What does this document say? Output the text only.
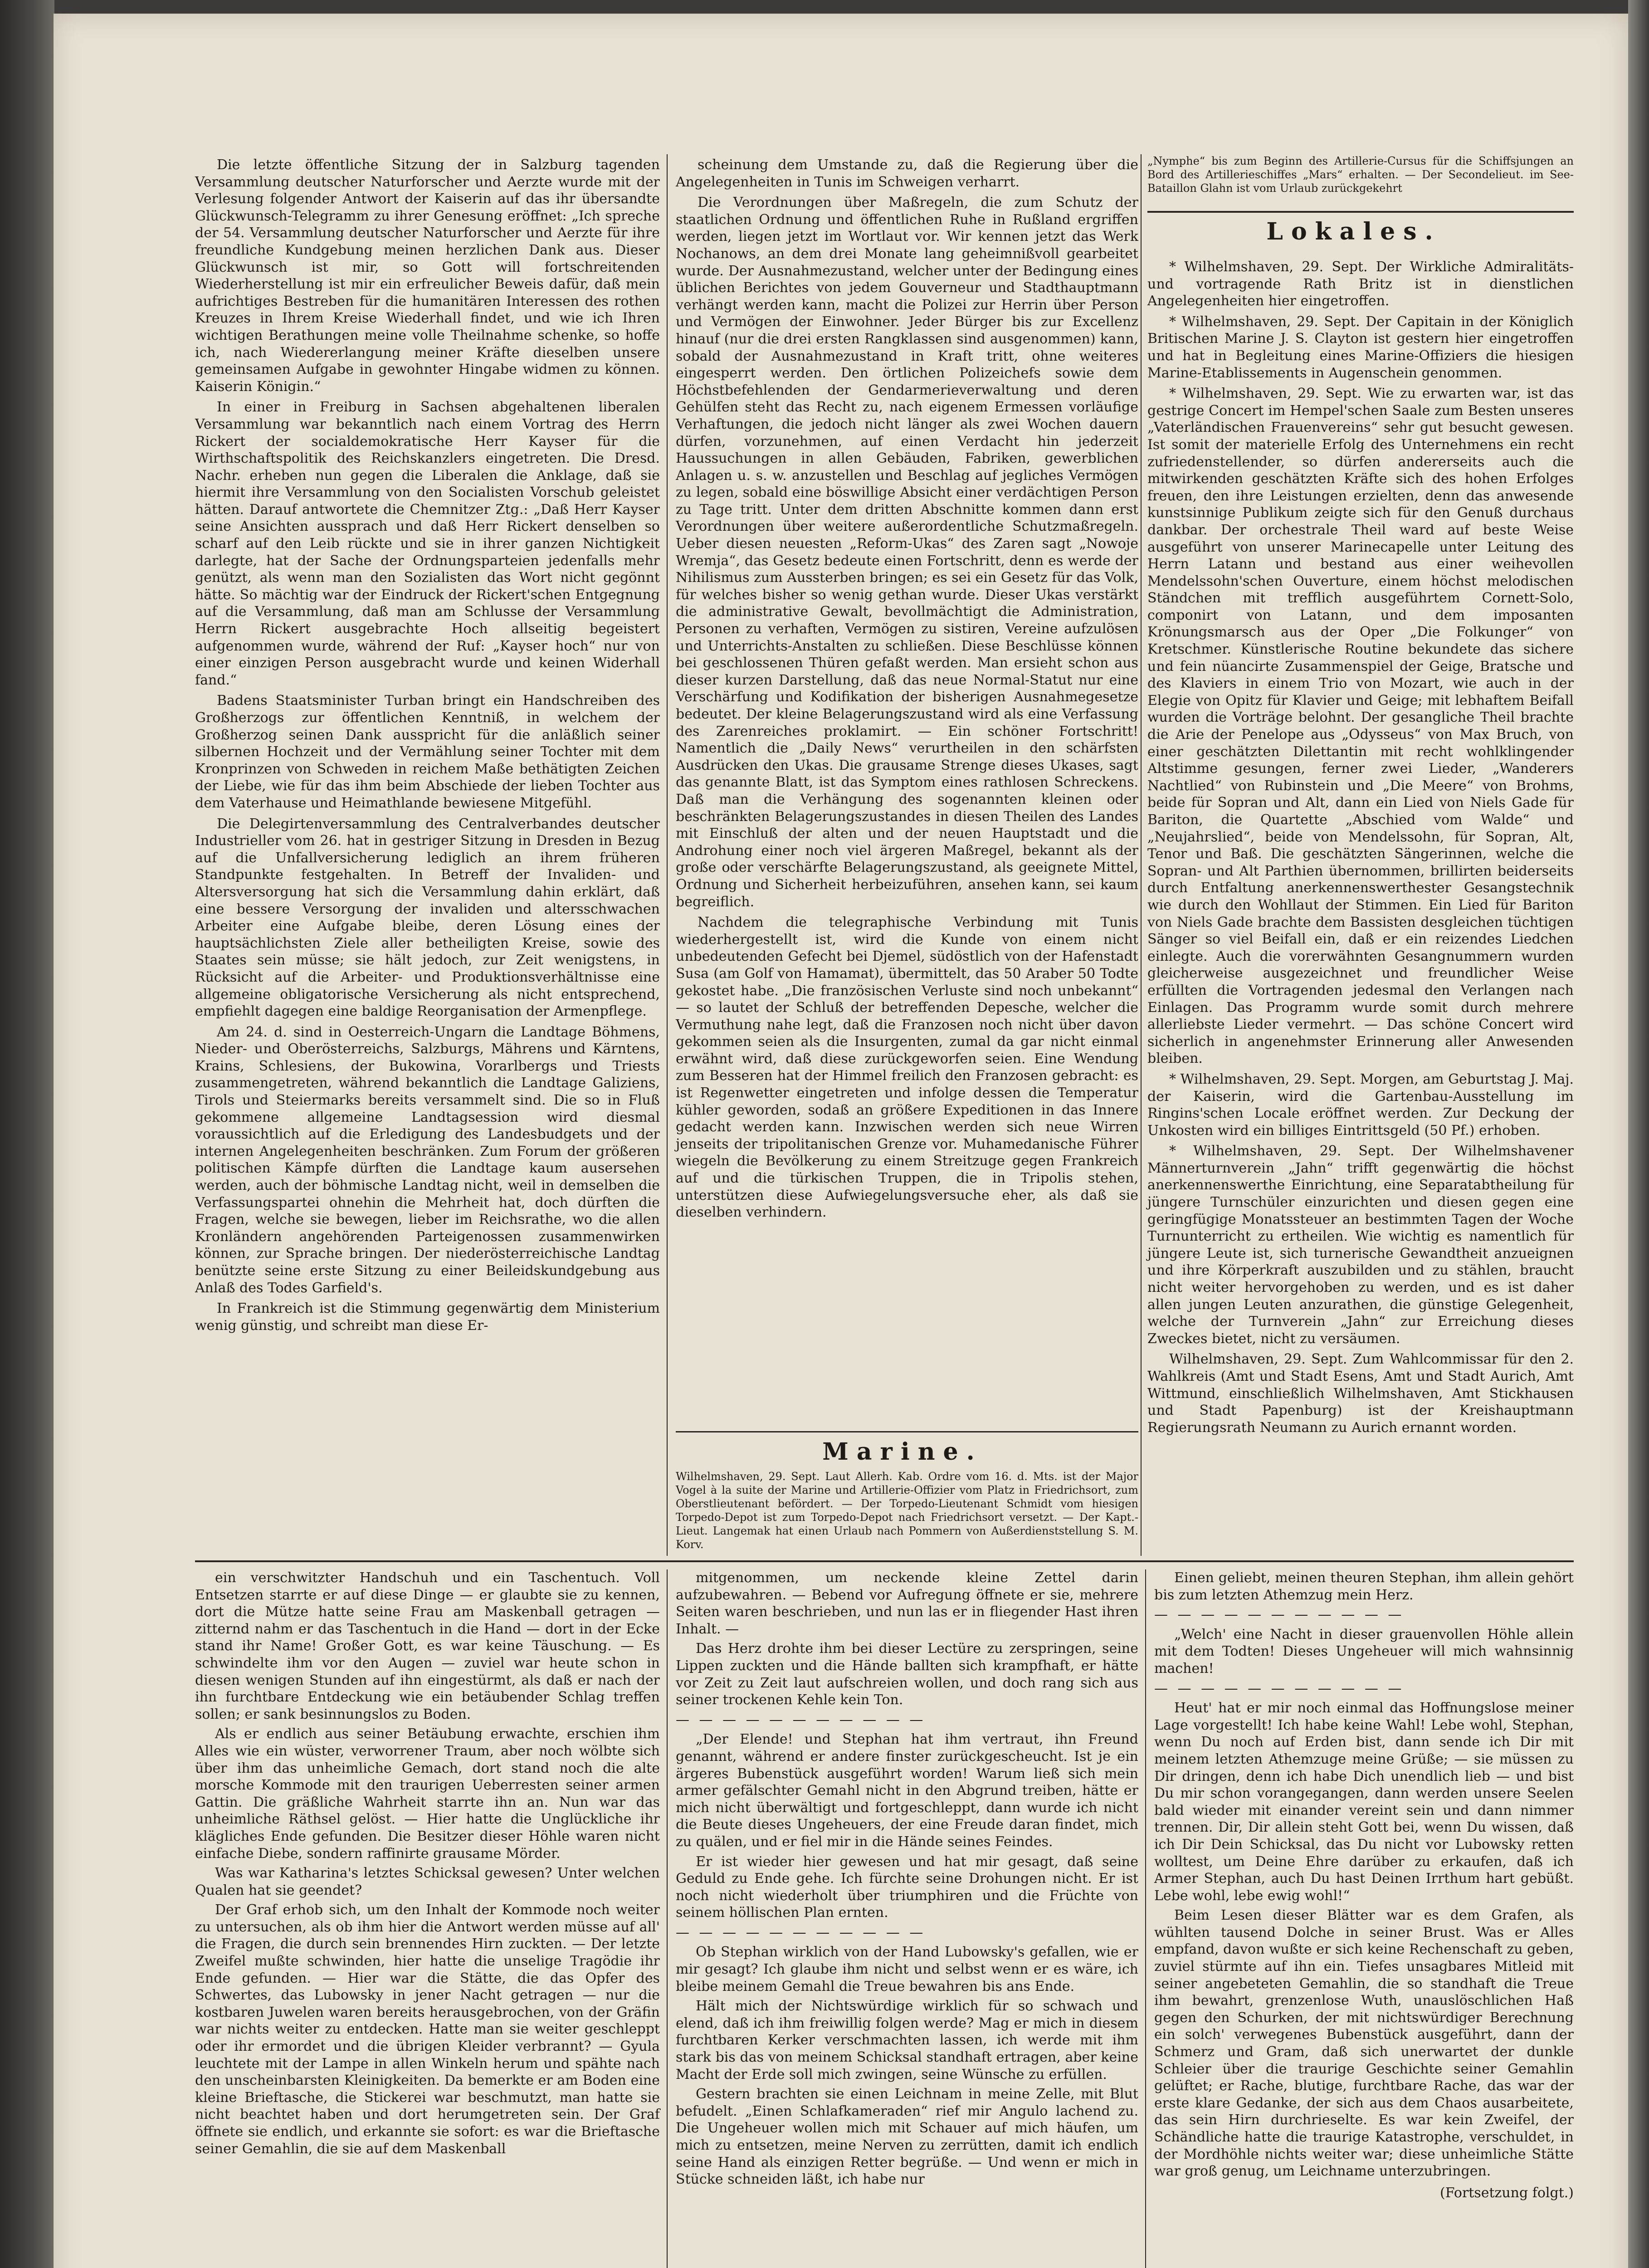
Die letzte öffentliche Sitzung der in Salzburg tagenden Versammlung deutscher Naturforscher und Aerzte wurde mit der Verlesung folgender Antwort der Kaiserin auf das ihr übersandte Glückwunsch-Telegramm zu ihrer Genesung eröffnet: „Ich spreche der 54. Versammlung deutscher Naturforscher und Aerzte für ihre freundliche Kundgebung meinen herzlichen Dank aus. Dieser Glückwunsch ist mir, so Gott will fortschreitenden Wiederherstellung ist mir ein erfreulicher Beweis dafür, daß mein aufrichtiges Bestreben für die humanitären Interessen des rothen Kreuzes in Ihrem Kreise Wiederhall findet, und wie ich Ihren wichtigen Berathungen meine volle Theilnahme schenke, so hoffe ich, nach Wiedererlangung meiner Kräfte dieselben unsere gemeinsamen Aufgabe in gewohnter Hingabe widmen zu können. Kaiserin Königin.“

In einer in Freiburg in Sachsen abgehaltenen liberalen Versammlung war bekanntlich nach einem Vortrag des Herrn Rickert der socialdemokratische Herr Kayser für die Wirthschaftspolitik des Reichskanzlers eingetreten. Die Dresd. Nachr. erheben nun gegen die Liberalen die Anklage, daß sie hiermit ihre Versammlung von den Socialisten Vorschub geleistet hätten. Darauf antwortete die Chemnitzer Ztg.: „Daß Herr Kayser seine Ansichten aussprach und daß Herr Rickert denselben so scharf auf den Leib rückte und sie in ihrer ganzen Nichtigkeit darlegte, hat der Sache der Ordnungsparteien jedenfalls mehr genützt, als wenn man den Sozialisten das Wort nicht gegönnt hätte. So mächtig war der Eindruck der Rickert'schen Entgegnung auf die Versammlung, daß man am Schlusse der Versammlung Herrn Rickert ausgebrachte Hoch allseitig begeistert aufgenommen wurde, während der Ruf: „Kayser hoch“ nur von einer einzigen Person ausgebracht wurde und keinen Widerhall fand.“

Badens Staatsminister Turban bringt ein Handschreiben des Großherzogs zur öffentlichen Kenntniß, in welchem der Großherzog seinen Dank ausspricht für die anläßlich seiner silbernen Hochzeit und der Vermählung seiner Tochter mit dem Kronprinzen von Schweden in reichem Maße bethätigten Zeichen der Liebe, wie für das ihm beim Abschiede der lieben Tochter aus dem Vaterhause und Heimathlande bewiesene Mitgefühl.

Die Delegirtenversammlung des Centralverbandes deutscher Industrieller vom 26. hat in gestriger Sitzung in Dresden in Bezug auf die Unfallversicherung lediglich an ihrem früheren Standpunkte festgehalten. In Betreff der Invaliden- und Altersversorgung hat sich die Versammlung dahin erklärt, daß eine bessere Versorgung der invaliden und altersschwachen Arbeiter eine Aufgabe bleibe, deren Lösung eines der hauptsächlichsten Ziele aller betheiligten Kreise, sowie des Staates sein müsse; sie hält jedoch, zur Zeit wenigstens, in Rücksicht auf die Arbeiter- und Produktionsverhältnisse eine allgemeine obligatorische Versicherung als nicht entsprechend, empfiehlt dagegen eine baldige Reorganisation der Armenpflege.

Am 24. d. sind in Oesterreich-Ungarn die Landtage Böhmens, Nieder- und Oberösterreichs, Salzburgs, Mährens und Kärntens, Krains, Schlesiens, der Bukowina, Vorarlbergs und Triests zusammengetreten, während bekanntlich die Landtage Galiziens, Tirols und Steiermarks bereits versammelt sind. Die so in Fluß gekommene allgemeine Landtagsession wird diesmal voraussichtlich auf die Erledigung des Landesbudgets und der internen Angelegenheiten beschränken. Zum Forum der größeren politischen Kämpfe dürften die Landtage kaum ausersehen werden, auch der böhmische Landtag nicht, weil in demselben die Verfassungspartei ohnehin die Mehrheit hat, doch dürften die Fragen, welche sie bewegen, lieber im Reichsrathe, wo die allen Kronländern angehörenden Parteigenossen zusammenwirken können, zur Sprache bringen. Der niederösterreichische Landtag benützte seine erste Sitzung zu einer Beileidskundgebung aus Anlaß des Todes Garfield's.

In Frankreich ist die Stimmung gegenwärtig dem Ministerium wenig günstig, und schreibt man diese Er-

scheinung dem Umstande zu, daß die Regierung über die Angelegenheiten in Tunis im Schweigen verharrt.

Die Verordnungen über Maßregeln, die zum Schutz der staatlichen Ordnung und öffentlichen Ruhe in Rußland ergriffen werden, liegen jetzt im Wortlaut vor. Wir kennen jetzt das Werk Nochanows, an dem drei Monate lang geheimnißvoll gearbeitet wurde. Der Ausnahmezustand, welcher unter der Bedingung eines üblichen Berichtes von jedem Gouverneur und Stadthauptmann verhängt werden kann, macht die Polizei zur Herrin über Person und Vermögen der Einwohner. Jeder Bürger bis zur Excellenz hinauf (nur die drei ersten Rangklassen sind ausgenommen) kann, sobald der Ausnahmezustand in Kraft tritt, ohne weiteres eingesperrt werden. Den örtlichen Polizeichefs sowie dem Höchstbefehlenden der Gendarmerieverwaltung und deren Gehülfen steht das Recht zu, nach eigenem Ermessen vorläufige Verhaftungen, die jedoch nicht länger als zwei Wochen dauern dürfen, vorzunehmen, auf einen Verdacht hin jederzeit Haussuchungen in allen Gebäuden, Fabriken, gewerblichen Anlagen u. s. w. anzustellen und Beschlag auf jegliches Vermögen zu legen, sobald eine böswillige Absicht einer verdächtigen Person zu Tage tritt. Unter dem dritten Abschnitte kommen dann erst Verordnungen über weitere außerordentliche Schutzmaßregeln. Ueber diesen neuesten „Reform-Ukas“ des Zaren sagt „Nowoje Wremja“, das Gesetz bedeute einen Fortschritt, denn es werde der Nihilismus zum Aussterben bringen; es sei ein Gesetz für das Volk, für welches bisher so wenig gethan wurde. Dieser Ukas verstärkt die administrative Gewalt, bevollmächtigt die Administration, Personen zu verhaften, Vermögen zu sistiren, Vereine aufzulösen und Unterrichts-Anstalten zu schließen. Diese Beschlüsse können bei geschlossenen Thüren gefaßt werden. Man ersieht schon aus dieser kurzen Darstellung, daß das neue Normal-Statut nur eine Verschärfung und Kodifikation der bisherigen Ausnahmegesetze bedeutet. Der kleine Belagerungszustand wird als eine Verfassung des Zarenreiches proklamirt. — Ein schöner Fortschritt! Namentlich die „Daily News“ verurtheilen in den schärfsten Ausdrücken den Ukas. Die grausame Strenge dieses Ukases, sagt das genannte Blatt, ist das Symptom eines rathlosen Schreckens. Daß man die Verhängung des sogenannten kleinen oder beschränkten Belagerungszustandes in diesen Theilen des Landes mit Einschluß der alten und der neuen Hauptstadt und die Androhung einer noch viel ärgeren Maßregel, bekannt als der große oder verschärfte Belagerungszustand, als geeignete Mittel, Ordnung und Sicherheit herbeizuführen, ansehen kann, sei kaum begreiflich.

Nachdem die telegraphische Verbindung mit Tunis wiederhergestellt ist, wird die Kunde von einem nicht unbedeutenden Gefecht bei Djemel, südöstlich von der Hafenstadt Susa (am Golf von Hamamat), übermittelt, das 50 Araber 50 Todte gekostet habe. „Die französischen Verluste sind noch unbekannt“ — so lautet der Schluß der betreffenden Depesche, welcher die Vermuthung nahe legt, daß die Franzosen noch nicht über davon gekommen seien als die Insurgenten, zumal da gar nicht einmal erwähnt wird, daß diese zurückgeworfen seien. Eine Wendung zum Besseren hat der Himmel freilich den Franzosen gebracht: es ist Regenwetter eingetreten und infolge dessen die Temperatur kühler geworden, sodaß an größere Expeditionen in das Innere gedacht werden kann. Inzwischen werden sich neue Wirren jenseits der tripolitanischen Grenze vor. Muhamedanische Führer wiegeln die Bevölkerung zu einem Streitzuge gegen Frankreich auf und die türkischen Truppen, die in Tripolis stehen, unterstützen diese Aufwiegelungsversuche eher, als daß sie dieselben verhindern.

Marine.
Wilhelmshaven, 29. Sept. Laut Allerh. Kab. Ordre vom 16. d. Mts. ist der Major Vogel à la suite der Marine und Artillerie-Offizier vom Platz in Friedrichsort, zum Oberstlieutenant befördert. — Der Torpedo-Lieutenant Schmidt vom hiesigen Torpedo-Depot ist zum Torpedo-Depot nach Friedrichsort versetzt. — Der Kapt.-Lieut. Langemak hat einen Urlaub nach Pommern von Außerdienststellung S. M. Korv.
„Nymphe“ bis zum Beginn des Artillerie-Cursus für die Schiffsjungen an Bord des Artillerieschiffes „Mars“ erhalten. — Der Secondelieut. im See-Bataillon Glahn ist vom Urlaub zurückgekehrt
Lokales.

* Wilhelmshaven, 29. Sept. Der Wirkliche Admiralitäts- und vortragende Rath Britz ist in dienstlichen Angelegenheiten hier eingetroffen.

* Wilhelmshaven, 29. Sept. Der Capitain in der Königlich Britischen Marine J. S. Clayton ist gestern hier eingetroffen und hat in Begleitung eines Marine-Offiziers die hiesigen Marine-Etablissements in Augenschein genommen.

* Wilhelmshaven, 29. Sept. Wie zu erwarten war, ist das gestrige Concert im Hempel'schen Saale zum Besten unseres „Vaterländischen Frauenvereins“ sehr gut besucht gewesen. Ist somit der materielle Erfolg des Unternehmens ein recht zufriedenstellender, so dürfen andererseits auch die mitwirkenden geschätzten Kräfte sich des hohen Erfolges freuen, den ihre Leistungen erzielten, denn das anwesende kunstsinnige Publikum zeigte sich für den Genuß durchaus dankbar. Der orchestrale Theil ward auf beste Weise ausgeführt von unserer Marinecapelle unter Leitung des Herrn Latann und bestand aus einer weihevollen Mendelssohn'schen Ouverture, einem höchst melodischen Ständchen mit trefflich ausgeführtem Cornett-Solo, componirt von Latann, und dem imposanten Krönungsmarsch aus der Oper „Die Folkunger“ von Kretschmer. Künstlerische Routine bekundete das sichere und fein nüancirte Zusammenspiel der Geige, Bratsche und des Klaviers in einem Trio von Mozart, wie auch in der Elegie von Opitz für Klavier und Geige; mit lebhaftem Beifall wurden die Vorträge belohnt. Der gesangliche Theil brachte die Arie der Penelope aus „Odysseus“ von Max Bruch, von einer geschätzten Dilettantin mit recht wohlklingender Altstimme gesungen, ferner zwei Lieder, „Wanderers Nachtlied“ von Rubinstein und „Die Meere“ von Brohms, beide für Sopran und Alt, dann ein Lied von Niels Gade für Bariton, die Quartette „Abschied vom Walde“ und „Neujahrslied“, beide von Mendelssohn, für Sopran, Alt, Tenor und Baß. Die geschätzten Sängerinnen, welche die Sopran- und Alt Parthien übernommen, brillirten beiderseits durch Entfaltung anerkennenswerthester Gesangstechnik wie durch den Wohllaut der Stimmen. Ein Lied für Bariton von Niels Gade brachte dem Bassisten desgleichen tüchtigen Sänger so viel Beifall ein, daß er ein reizendes Liedchen einlegte. Auch die vorerwähnten Gesangnummern wurden gleicherweise ausgezeichnet und freundlicher Weise erfüllten die Vortragenden jedesmal den Verlangen nach Einlagen. Das Programm wurde somit durch mehrere allerliebste Lieder vermehrt. — Das schöne Concert wird sicherlich in angenehmster Erinnerung aller Anwesenden bleiben.

* Wilhelmshaven, 29. Sept. Morgen, am Geburtstag J. Maj. der Kaiserin, wird die Gartenbau-Ausstellung im Ringins'schen Locale eröffnet werden. Zur Deckung der Unkosten wird ein billiges Eintrittsgeld (50 Pf.) erhoben.

* Wilhelmshaven, 29. Sept. Der Wilhelmshavener Männerturnverein „Jahn“ trifft gegenwärtig die höchst anerkennenswerthe Einrichtung, eine Separatabtheilung für jüngere Turnschüler einzurichten und diesen gegen eine geringfügige Monatssteuer an bestimmten Tagen der Woche Turnunterricht zu ertheilen. Wie wichtig es namentlich für jüngere Leute ist, sich turnerische Gewandtheit anzueignen und ihre Körperkraft auszubilden und zu stählen, braucht nicht weiter hervorgehoben zu werden, und es ist daher allen jungen Leuten anzurathen, die günstige Gelegenheit, welche der Turnverein „Jahn“ zur Erreichung dieses Zweckes bietet, nicht zu versäumen.

Wilhelmshaven, 29. Sept. Zum Wahlcommissar für den 2. Wahlkreis (Amt und Stadt Esens, Amt und Stadt Aurich, Amt Wittmund, einschließlich Wilhelmshaven, Amt Stickhausen und Stadt Papenburg) ist der Kreishauptmann Regierungsrath Neumann zu Aurich ernannt worden.

ein verschwitzter Handschuh und ein Taschentuch. Voll Entsetzen starrte er auf diese Dinge — er glaubte sie zu kennen, dort die Mütze hatte seine Frau am Maskenball getragen — zitternd nahm er das Taschentuch in die Hand — dort in der Ecke stand ihr Name! Großer Gott, es war keine Täuschung. — Es schwindelte ihm vor den Augen — zuviel war heute schon in diesen wenigen Stunden auf ihn eingestürmt, als daß er nach der ihn furchtbare Entdeckung wie ein betäubender Schlag treffen sollen; er sank besinnungslos zu Boden.

Als er endlich aus seiner Betäubung erwachte, erschien ihm Alles wie ein wüster, verworrener Traum, aber noch wölbte sich über ihm das unheimliche Gemach, dort stand noch die alte morsche Kommode mit den traurigen Ueberresten seiner armen Gattin. Die gräßliche Wahrheit starrte ihn an. Nun war das unheimliche Räthsel gelöst. — Hier hatte die Unglückliche ihr klägliches Ende gefunden. Die Besitzer dieser Höhle waren nicht einfache Diebe, sondern raffinirte grausame Mörder.

Was war Katharina's letztes Schicksal gewesen? Unter welchen Qualen hat sie geendet?

Der Graf erhob sich, um den Inhalt der Kommode noch weiter zu untersuchen, als ob ihm hier die Antwort werden müsse auf all' die Fragen, die durch sein brennendes Hirn zuckten. — Der letzte Zweifel mußte schwinden, hier hatte die unselige Tragödie ihr Ende gefunden. — Hier war die Stätte, die das Opfer des Schwertes, das Lubowsky in jener Nacht getragen — nur die kostbaren Juwelen waren bereits herausgebrochen, von der Gräfin war nichts weiter zu entdecken. Hatte man sie weiter geschleppt oder ihr ermordet und die übrigen Kleider verbrannt? — Gyula leuchtete mit der Lampe in allen Winkeln herum und spähte nach den unscheinbarsten Kleinigkeiten. Da bemerkte er am Boden eine kleine Brieftasche, die Stickerei war beschmutzt, man hatte sie nicht beachtet haben und dort herumgetreten sein. Der Graf öffnete sie endlich, und erkannte sie sofort: es war die Brieftasche seiner Gemahlin, die sie auf dem Maskenball

mitgenommen, um neckende kleine Zettel darin aufzubewahren. — Bebend vor Aufregung öffnete er sie, mehrere Seiten waren beschrieben, und nun las er in fliegender Hast ihren Inhalt. —

Das Herz drohte ihm bei dieser Lectüre zu zerspringen, seine Lippen zuckten und die Hände ballten sich krampfhaft, er hätte vor Zeit zu Zeit laut aufschreien wollen, und doch rang sich aus seiner trockenen Kehle kein Ton.

— — — — — — — — — — —

„Der Elende! und Stephan hat ihm vertraut, ihn Freund genannt, während er andere finster zurückgescheucht. Ist je ein ärgeres Bubenstück ausgeführt worden! Warum ließ sich mein armer gefälschter Gemahl nicht in den Abgrund treiben, hätte er mich nicht überwältigt und fortgeschleppt, dann wurde ich nicht die Beute dieses Ungeheuers, der eine Freude daran findet, mich zu quälen, und er fiel mir in die Hände seines Feindes.

Er ist wieder hier gewesen und hat mir gesagt, daß seine Geduld zu Ende gehe. Ich fürchte seine Drohungen nicht. Er ist noch nicht wiederholt über triumphiren und die Früchte von seinem höllischen Plan ernten.

— — — — — — — — — — —

Ob Stephan wirklich von der Hand Lubowsky's gefallen, wie er mir gesagt? Ich glaube ihm nicht und selbst wenn er es wäre, ich bleibe meinem Gemahl die Treue bewahren bis ans Ende.

Hält mich der Nichtswürdige wirklich für so schwach und elend, daß ich ihm freiwillig folgen werde? Mag er mich in diesem furchtbaren Kerker verschmachten lassen, ich werde mit ihm stark bis das von meinem Schicksal standhaft ertragen, aber keine Macht der Erde soll mich zwingen, seine Wünsche zu erfüllen.

Gestern brachten sie einen Leichnam in meine Zelle, mit Blut befudelt. „Einen Schlafkameraden“ rief mir Angulo lachend zu. Die Ungeheuer wollen mich mit Schauer auf mich häufen, um mich zu entsetzen, meine Nerven zu zerrütten, damit ich endlich seine Hand als einzigen Retter begrüße. — Und wenn er mich in Stücke schneiden läßt, ich habe nur

Einen geliebt, meinen theuren Stephan, ihm allein gehört bis zum letzten Athemzug mein Herz.

— — — — — — — — — — —

„Welch' eine Nacht in dieser grauenvollen Höhle allein mit dem Todten! Dieses Ungeheuer will mich wahnsinnig machen!

— — — — — — — — — — —

Heut' hat er mir noch einmal das Hoffnungslose meiner Lage vorgestellt! Ich habe keine Wahl! Lebe wohl, Stephan, wenn Du noch auf Erden bist, dann sende ich Dir mit meinem letzten Athemzuge meine Grüße; — sie müssen zu Dir dringen, denn ich habe Dich unendlich lieb — und bist Du mir schon vorangegangen, dann werden unsere Seelen bald wieder mit einander vereint sein und dann nimmer trennen. Dir, Dir allein steht Gott bei, wenn Du wissen, daß ich Dir Dein Schicksal, das Du nicht vor Lubowsky retten wolltest, um Deine Ehre darüber zu erkaufen, daß ich Armer Stephan, auch Du hast Deinen Irrthum hart gebüßt. Lebe wohl, lebe ewig wohl!“

Beim Lesen dieser Blätter war es dem Grafen, als wühlten tausend Dolche in seiner Brust. Was er Alles empfand, davon wußte er sich keine Rechenschaft zu geben, zuviel stürmte auf ihn ein. Tiefes unsagbares Mitleid mit seiner angebeteten Gemahlin, die so standhaft die Treue ihm bewahrt, grenzenlose Wuth, unauslöschlichen Haß gegen den Schurken, der mit nichtswürdiger Berechnung ein solch' verwegenes Bubenstück ausgeführt, dann der Schmerz und Gram, daß sich unerwartet der dunkle Schleier über die traurige Geschichte seiner Gemahlin gelüftet; er Rache, blutige, furchtbare Rache, das war der erste klare Gedanke, der sich aus dem Chaos ausarbeitete, das sein Hirn durchrieselte. Es war kein Zweifel, der Schändliche hatte die traurige Katastrophe, verschuldet, in der Mordhöhle nichts weiter war; diese unheimliche Stätte war groß genug, um Leichname unterzubringen.

(Fortsetzung folgt.)
